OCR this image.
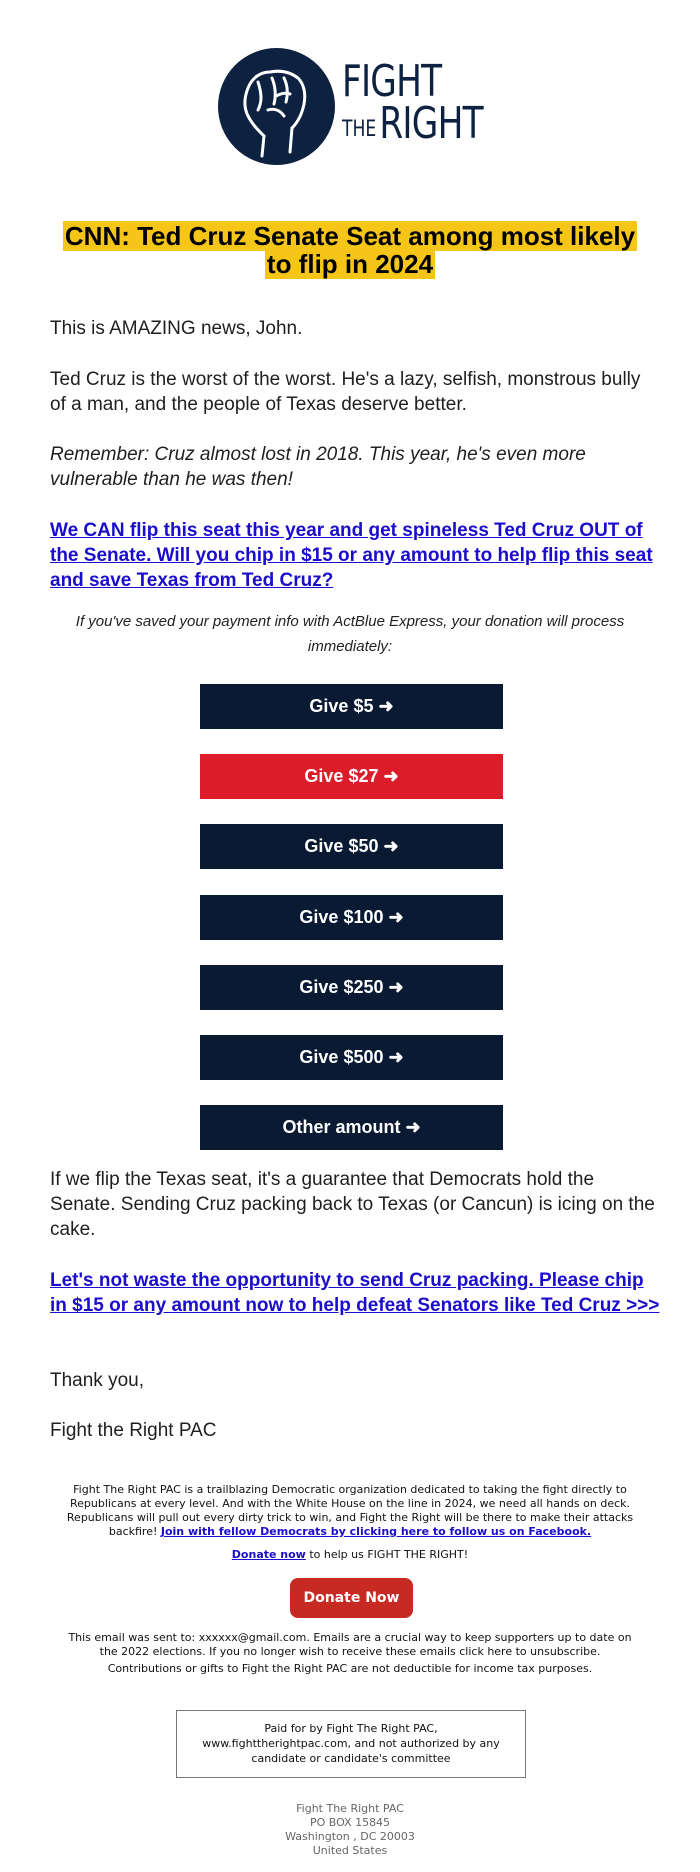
FIGHT
THE RIGHT
CNN: Ted Cruz Senate Seat among most likely to flip in 2024

This is AMAZING news, John.

Ted Cruz is the worst of the worst. He's a lazy, selfish, monstrous bully of a man, and the people of Texas deserve better.

Remember: Cruz almost lost in 2018. This year, he's even more vulnerable than he was then!

We CAN flip this seat this year and get spineless Ted Cruz OUT of the Senate. Will you chip in $15 or any amount to help flip this seat and save Texas from Ted Cruz?
If you've saved your payment info with ActBlue Express, your donation will process immediately:
Give $5 ➜
Give $27 ➜
Give $50 ➜
Give $100 ➜
Give $250 ➜
Give $500 ➜
Other amount ➜

If we flip the Texas seat, it's a guarantee that Democrats hold the Senate. Sending Cruz packing back to Texas (or Cancun) is icing on the cake.

Let's not waste the opportunity to send Cruz packing. Please chip in $15 or any amount now to help defeat Senators like Ted Cruz >>>

Thank you,

Fight the Right PAC

Fight The Right PAC is a trailblazing Democratic organization dedicated to taking the fight directly to Republicans at every level. And with the White House on the line in 2024, we need all hands on deck. Republicans will pull out every dirty trick to win, and Fight the Right will be there to make their attacks backfire! Join with fellow Democrats by clicking here to follow us on Facebook.
Donate now to help us FIGHT THE RIGHT!
Donate Now
This email was sent to: xxxxxx@gmail.com. Emails are a crucial way to keep supporters up to date on the 2022 elections. If you no longer wish to receive these emails click here to unsubscribe.
Contributions or gifts to Fight the Right PAC are not deductible for income tax purposes.
Paid for by Fight The Right PAC, www.fighttherightpac.com, and not authorized by any candidate or candidate's committee
Fight The Right PAC
PO BOX 15845
Washington , DC 20003
United States
